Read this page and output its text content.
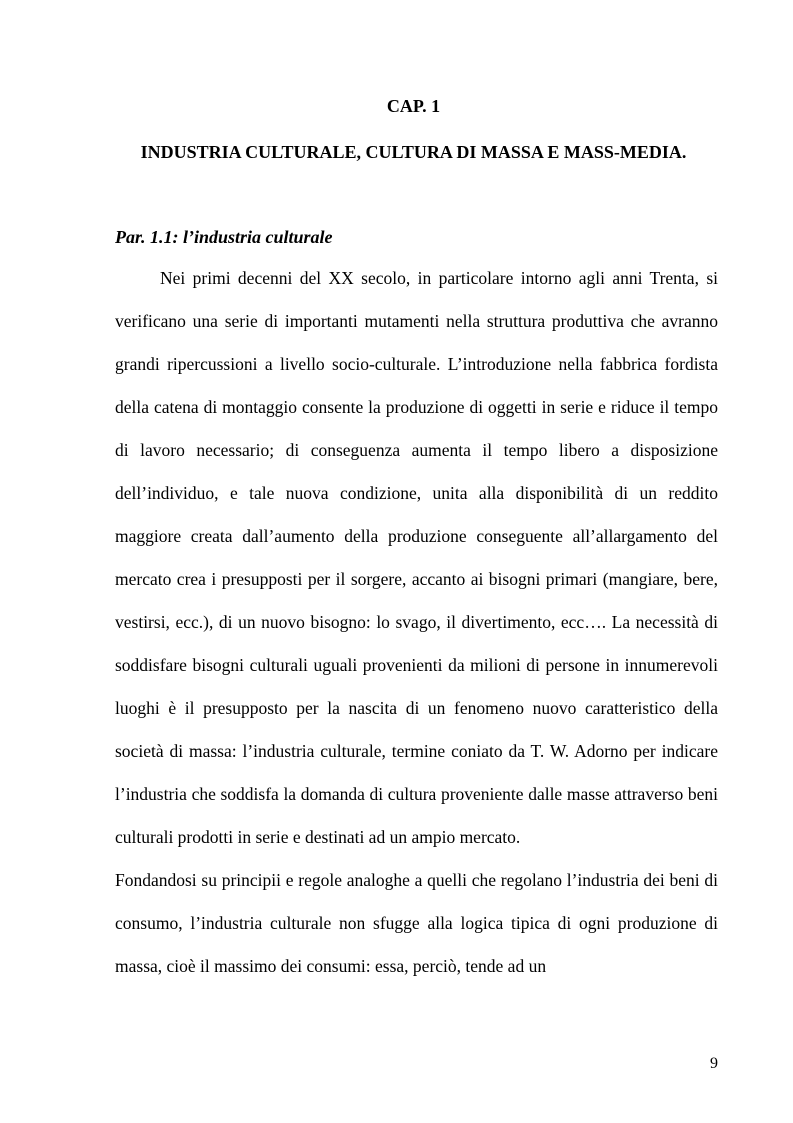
CAP. 1
INDUSTRIA CULTURALE, CULTURA DI MASSA E MASS-MEDIA.
Par. 1.1: l’industria culturale

Nei primi decenni del XX secolo, in particolare intorno agli anni Trenta, si verificano una serie di importanti mutamenti nella struttura produttiva che avranno grandi ripercussioni a livello socio-culturale. L’introduzione nella fabbrica fordista della catena di montaggio consente la produzione di oggetti in serie e riduce il tempo di lavoro necessario; di conseguenza aumenta il tempo libero a disposizione dell’individuo, e tale nuova condizione, unita alla disponibilità di un reddito maggiore creata dall’aumento della produzione conseguente all’allargamento del mercato crea i presupposti per il sorgere, accanto ai bisogni primari (mangiare, bere, vestirsi, ecc.), di un nuovo bisogno: lo svago, il divertimento, ecc…. La necessità di soddisfare bisogni culturali uguali provenienti da milioni di persone in innumerevoli luoghi è il presupposto per la nascita di un fenomeno nuovo caratteristico della società di massa: l’industria culturale, termine coniato da T. W. Adorno per indicare l’industria che soddisfa la domanda di cultura proveniente dalle masse attraverso beni culturali prodotti in serie e destinati ad un ampio mercato.

Fondandosi su principii e regole analoghe a quelli che regolano l’industria dei beni di consumo, l’industria culturale non sfugge alla logica tipica di ogni produzione di massa, cioè il massimo dei consumi: essa, perciò, tende ad un

9
